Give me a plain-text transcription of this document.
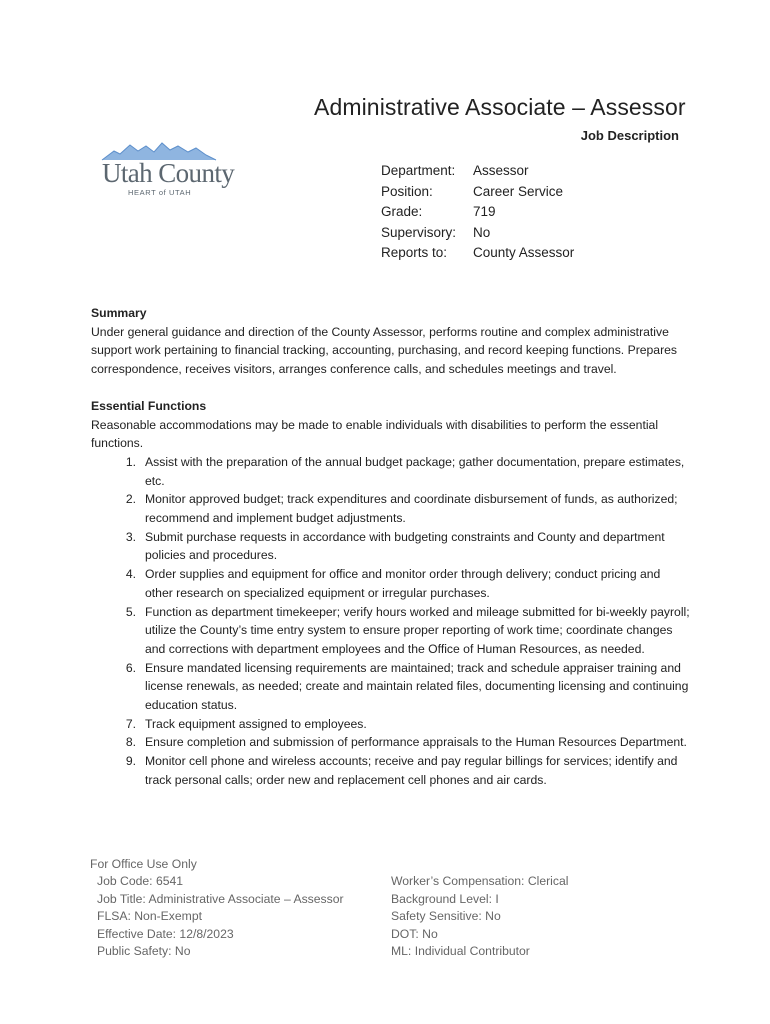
Administrative Associate – Assessor
Job Description
Utah County
HEART of UTAH
Department:	Assessor
Position:	Career Service
Grade:	719
Supervisory:	No
Reports to:	County Assessor
Summary
Under general guidance and direction of the County Assessor, performs routine and complex administrative support work pertaining to financial tracking, accounting, purchasing, and record keeping functions. Prepares correspondence, receives visitors, arranges conference calls, and schedules meetings and travel.
Essential Functions
Reasonable accommodations may be made to enable individuals with disabilities to perform the essential functions.
1. Assist with the preparation of the annual budget package; gather documentation, prepare estimates, etc.
2. Monitor approved budget; track expenditures and coordinate disbursement of funds, as authorized; recommend and implement budget adjustments.
3. Submit purchase requests in accordance with budgeting constraints and County and department policies and procedures.
4. Order supplies and equipment for office and monitor order through delivery; conduct pricing and other research on specialized equipment or irregular purchases.
5. Function as department timekeeper; verify hours worked and mileage submitted for bi-weekly payroll; utilize the County’s time entry system to ensure proper reporting of work time; coordinate changes and corrections with department employees and the Office of Human Resources, as needed.
6. Ensure mandated licensing requirements are maintained; track and schedule appraiser training and license renewals, as needed; create and maintain related files, documenting licensing and continuing education status.
7. Track equipment assigned to employees.
8. Ensure completion and submission of performance appraisals to the Human Resources Department.
9. Monitor cell phone and wireless accounts; receive and pay regular billings for services; identify and track personal calls; order new and replacement cell phones and air cards.
For Office Use Only
Job Code: 6541
Job Title: Administrative Associate – Assessor
FLSA: Non-Exempt
Effective Date: 12/8/2023
Public Safety: No
Worker’s Compensation: Clerical
Background Level: I
Safety Sensitive: No
DOT: No
ML: Individual Contributor
